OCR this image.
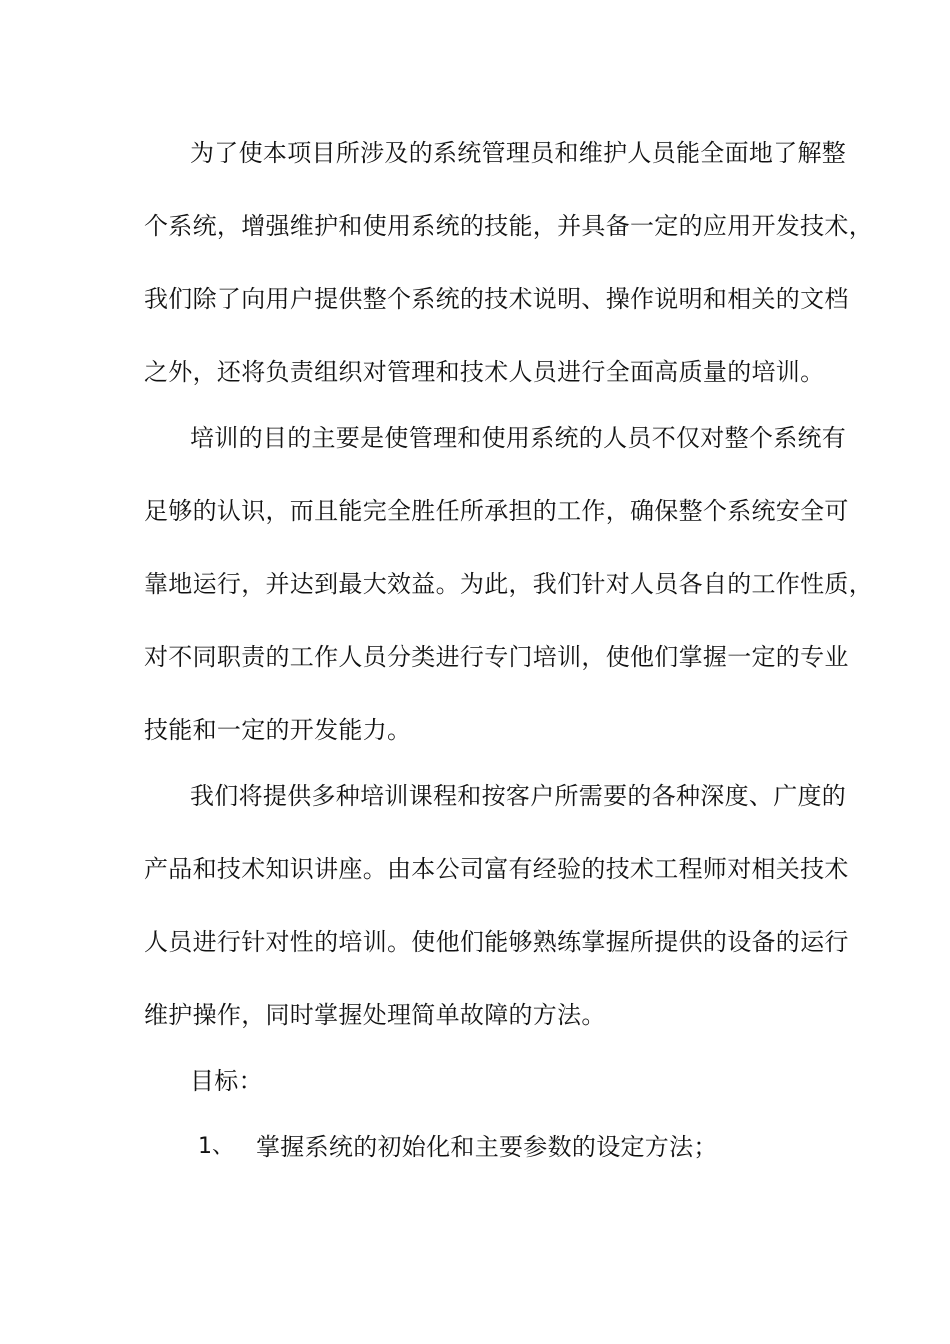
为了使本项目所涉及的系统管理员和维护人员能全面地了解整
个系统，增强维护和使用系统的技能，并具备一定的应用开发技术，
我们除了向用户提供整个系统的技术说明、操作说明和相关的文档
之外，还将负责组织对管理和技术人员进行全面高质量的培训。
培训的目的主要是使管理和使用系统的人员不仅对整个系统有
足够的认识，而且能完全胜任所承担的工作，确保整个系统安全可
靠地运行，并达到最大效益。为此，我们针对人员各自的工作性质，
对不同职责的工作人员分类进行专门培训，使他们掌握一定的专业
技能和一定的开发能力。
我们将提供多种培训课程和按客户所需要的各种深度、广度的
产品和技术知识讲座。由本公司富有经验的技术工程师对相关技术
人员进行针对性的培训。使他们能够熟练掌握所提供的设备的运行
维护操作，同时掌握处理简单故障的方法。
目标：
1、 掌握系统的初始化和主要参数的设定方法；
